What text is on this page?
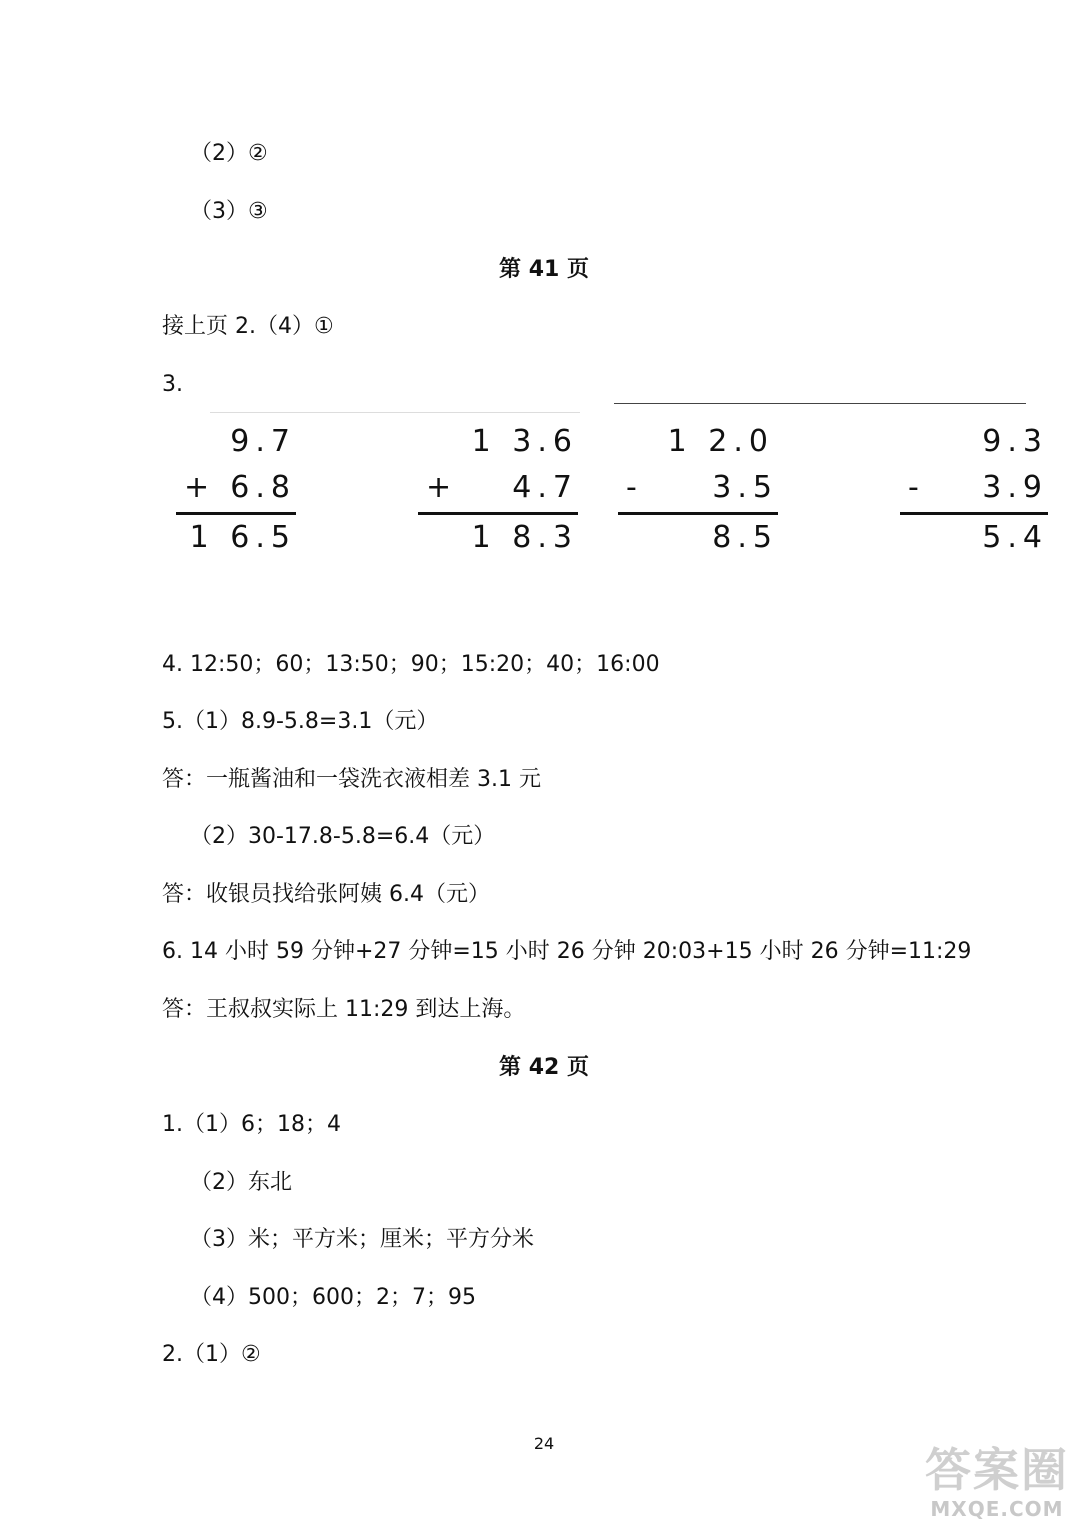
（2）②
（3）③
第 41 页
接上页 2.（4）①
3.
9.7
+ 6.8
1 6.5
1 3.6
+ 4.7
1 8.3
1 2.0
- 3.5
8.5
9.3
- 3.9
5.4
4. 12:50；60；13:50；90；15:20；40；16:00
5.（1）8.9-5.8=3.1（元）
答：一瓶酱油和一袋洗衣液相差 3.1 元
（2）30-17.8-5.8=6.4（元）
答：收银员找给张阿姨 6.4（元）
6. 14 小时 59 分钟+27 分钟=15 小时 26 分钟 20:03+15 小时 26 分钟=11:29
答：王叔叔实际上 11:29 到达上海。
第 42 页
1.（1）6；18；4
（2）东北
（3）米；平方米；厘米；平方分米
（4）500；600；2；7；95
2.（1）②
24	答案圈
MXQE.COM
